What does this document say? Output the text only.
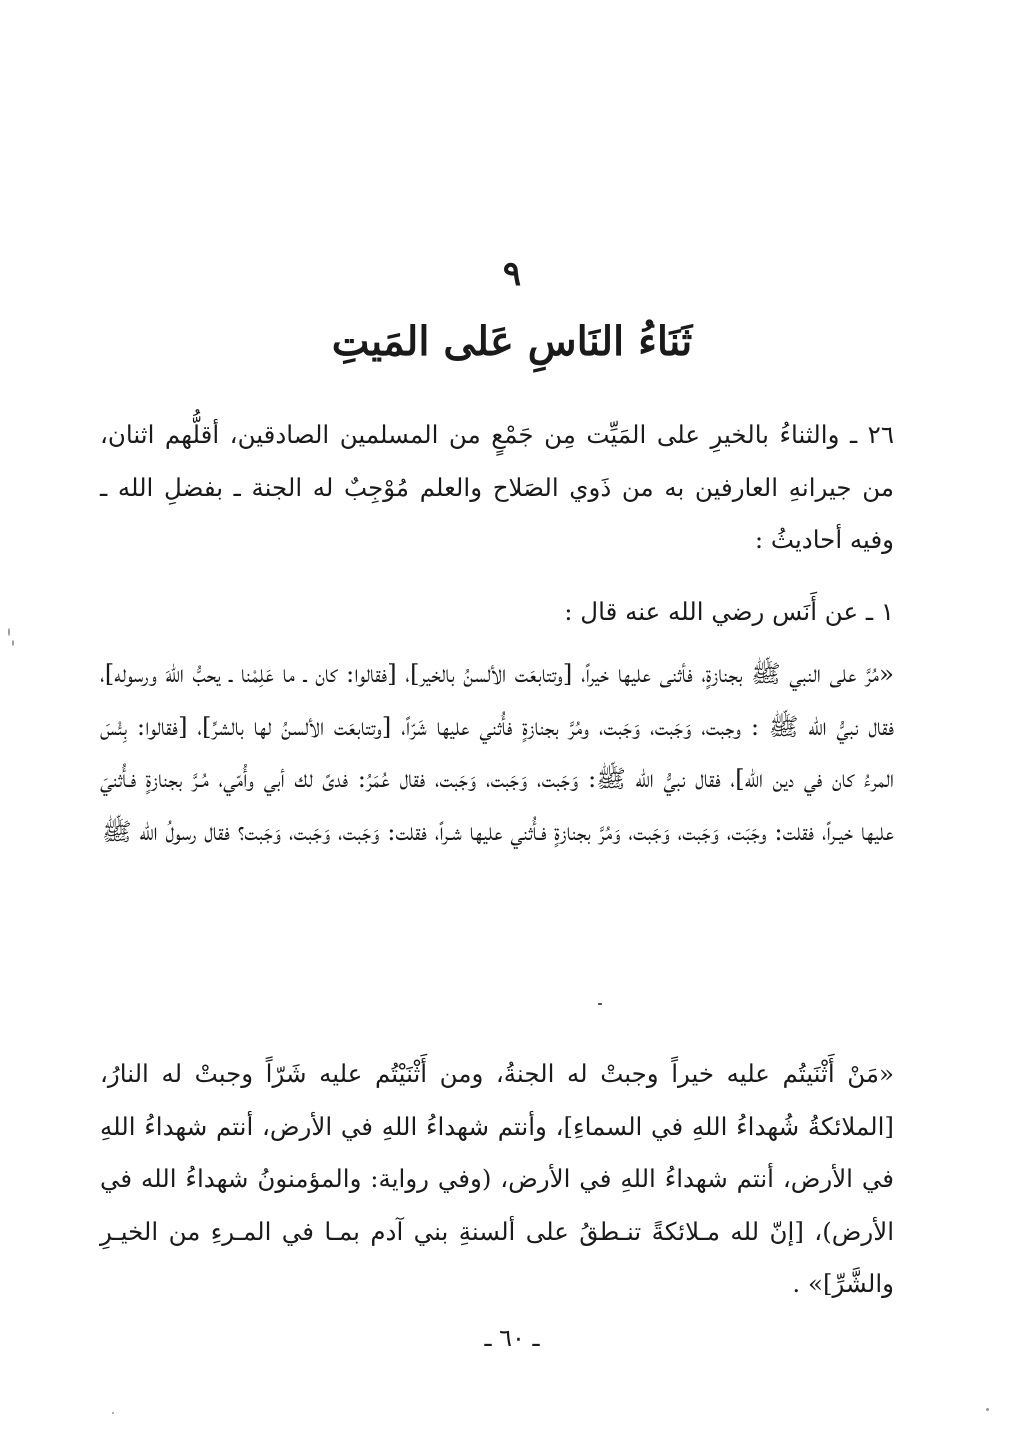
٩
ثَنَاءُ النَاسِ عَلى المَيتِ
٢٦ ـ والثناءُ بالخيرِ على المَيِّت مِن جَمْعٍ من المسلمين الصادقين، أقلُّهم اثنان، من جيرانهِ العارفين به من ذَوي الصَلاح والعلم مُوْجِبٌ له الجنة ـ بفضلِ الله ـ وفيه أحاديثُ :
١ ـ عن أَنَس رضي الله عنه قال :
«مُرَّ على النبي ﷺ بجنازةٍ، فأثنى عليها خيراً، [وتتابعَت الألسنُ بالخير]، [فقالوا: كان ـ ما عَلِمْنا ـ يحبُّ اللهَ ورسوله]، فقال نبيُّ الله ﷺ : وجبت، وَجَبت، وَجَبت، ومُرَّ بجنازةٍ فأُثني عليها شَرّاً، [وتتابعَت الألسنُ لها بالشرِّ]، [فقالوا: بِئْسَ المرءُ كان في دين الله]، فقال نبيُّ الله ﷺ: وَجَبت، وَجَبت، وَجَبت، فقال عُمَرُ: فدىً لك أبي وأُمّي، مُـرَّ بجنازةٍ فـأُثنيَ عليها خيـراً، فقلت: وجَبَت، وَجَبت، وَجَبت، وَمُرَّ بجنازةٍ فـأُثني عليها شـراً، فقلت: وَجَبت، وَجَبت، وَجَبت؟ فقال رسولُ الله ﷺ
«مَنْ أَثْنَيتُم عليه خيراً وجبتْ له الجنةُ، ومن أَثْنَيْتُم عليه شَرّاً وجبتْ له النارُ، [الملائكةُ شُهداءُ اللهِ في السماءِ]، وأنتم شهداءُ اللهِ في الأرض، أنتم شهداءُ اللهِ في الأرض، أنتم شهداءُ اللهِ في الأرض، (وفي رواية: والمؤمنونُ شهداءُ الله في الأرض)، [إنّ لله مـلائكةً تنـطقُ على ألسنةِ بني آدم بمـا في المـرءِ من الخيـرِ والشَّرِّ]» .
ـ ٦٠ ـ
